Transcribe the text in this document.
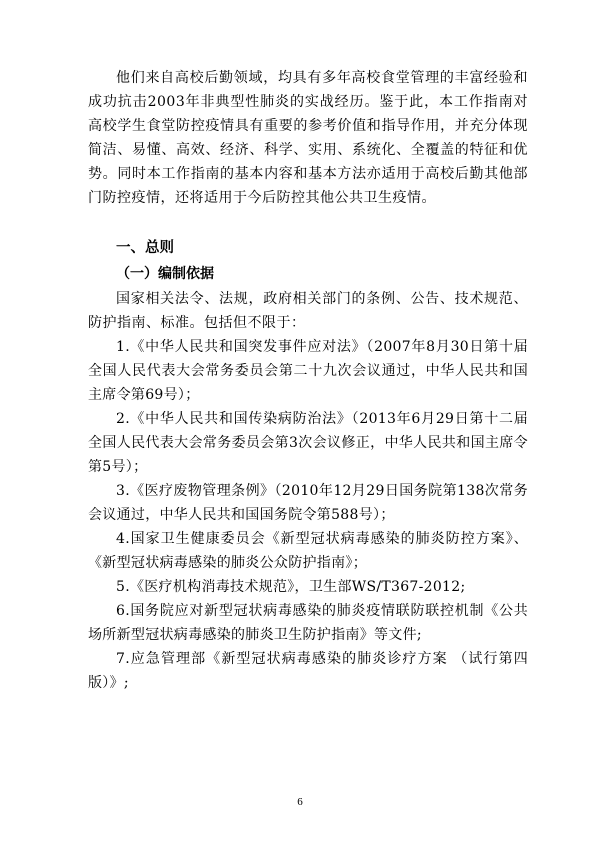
他们来自高校后勤领域，均具有多年高校食堂管理的丰富经验和成功抗击2003年非典型性肺炎的实战经历。鉴于此，本工作指南对高校学生食堂防控疫情具有重要的参考价值和指导作用，并充分体现简洁、易懂、高效、经济、科学、实用、系统化、全覆盖的特征和优势。同时本工作指南的基本内容和基本方法亦适用于高校后勤其他部门防控疫情，还将适用于今后防控其他公共卫生疫情。

一、总则

（一）编制依据

国家相关法令、法规，政府相关部门的条例、公告、技术规范、防护指南、标准。包括但不限于：

1.《中华人民共和国突发事件应对法》（2007年8月30日第十届全国人民代表大会常务委员会第二十九次会议通过，中华人民共和国主席令第69号）；

2.《中华人民共和国传染病防治法》（2013年6月29日第十二届全国人民代表大会常务委员会第3次会议修正，中华人民共和国主席令第5号）；

3.《医疗废物管理条例》（2010年12月29日国务院第138次常务会议通过，中华人民共和国国务院令第588号）；

4.国家卫生健康委员会《新型冠状病毒感染的肺炎防控方案》、《新型冠状病毒感染的肺炎公众防护指南》；

5.《医疗机构消毒技术规范》，卫生部WS/T367-2012;

6.国务院应对新型冠状病毒感染的肺炎疫情联防联控机制《公共场所新型冠状病毒感染的肺炎卫生防护指南》等文件;

7.应急管理部《新型冠状病毒感染的肺炎诊疗方案 （试行第四版）》;

6
